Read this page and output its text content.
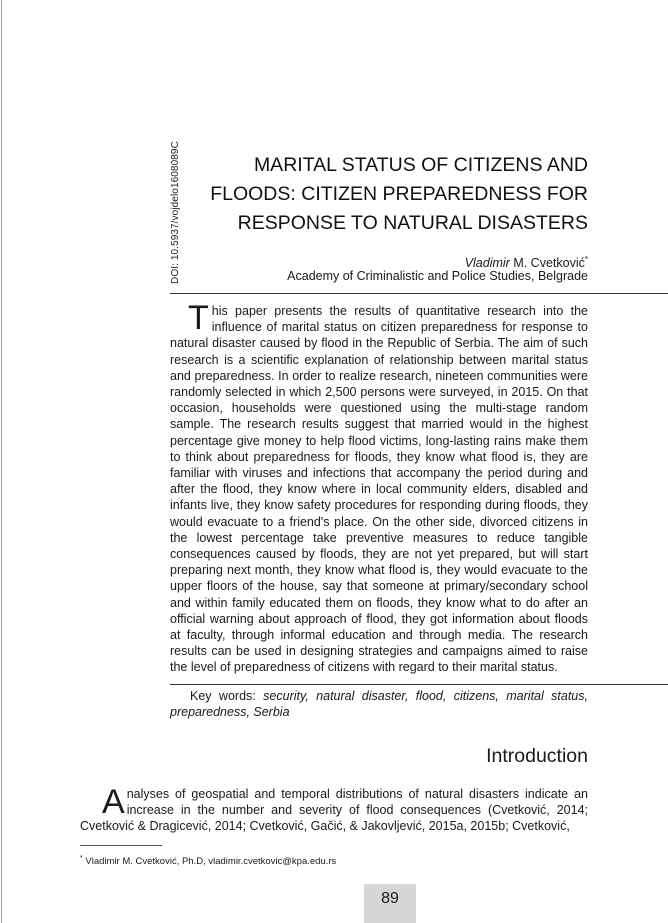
DOI: 10.5937/vojdelo1608089C	MARITAL STATUS OF CITIZENS AND
FLOODS: CITIZEN PREPAREDNESS FOR
RESPONSE TO NATURAL DISASTERS
Vladimir M. Cvetković*
Academy of Criminalistic and Police Studies, Belgrade
This paper presents the results of quantitative research into the influence of marital status on citizen preparedness for response to natural disaster caused by flood in the Republic of Serbia. The aim of such research is a scientific explanation of relationship between marital status and preparedness. In order to realize research, nineteen communities were randomly selected in which 2,500 persons were surveyed, in 2015. On that occasion, households were questioned using the multi-stage random sample. The research results suggest that married would in the highest percentage give money to help flood victims, long-lasting rains make them to think about preparedness for floods, they know what flood is, they are familiar with viruses and infections that accompany the period during and after the flood, they know where in local community elders, disabled and infants live, they know safety procedures for responding during floods, they would evacuate to a friend's place. On the other side, divorced citizens in the lowest percentage take preventive measures to reduce tangible consequences caused by floods, they are not yet prepared, but will start preparing next month, they know what flood is, they would evacuate to the upper floors of the house, say that someone at primary/secondary school and within family educated them on floods, they know what to do after an official warning about approach of flood, they got information about floods at faculty, through informal education and through media. The research results can be used in designing strategies and campaigns aimed to raise the level of preparedness of citizens with regard to their marital status.
Key words: security, natural disaster, flood, citizens, marital status, preparedness, Serbia
Introduction
Analyses of geospatial and temporal distributions of natural disasters indicate an increase in the number and severity of flood consequences (Cvetković, 2014; Cvetković & Dragicević, 2014; Cvetković, Gačić, & Jakovljević, 2015a, 2015b; Cvetković,
* Vladimir M. Cvetković, Ph.D, vladimir.cvetkovic@kpa.edu.rs
89
